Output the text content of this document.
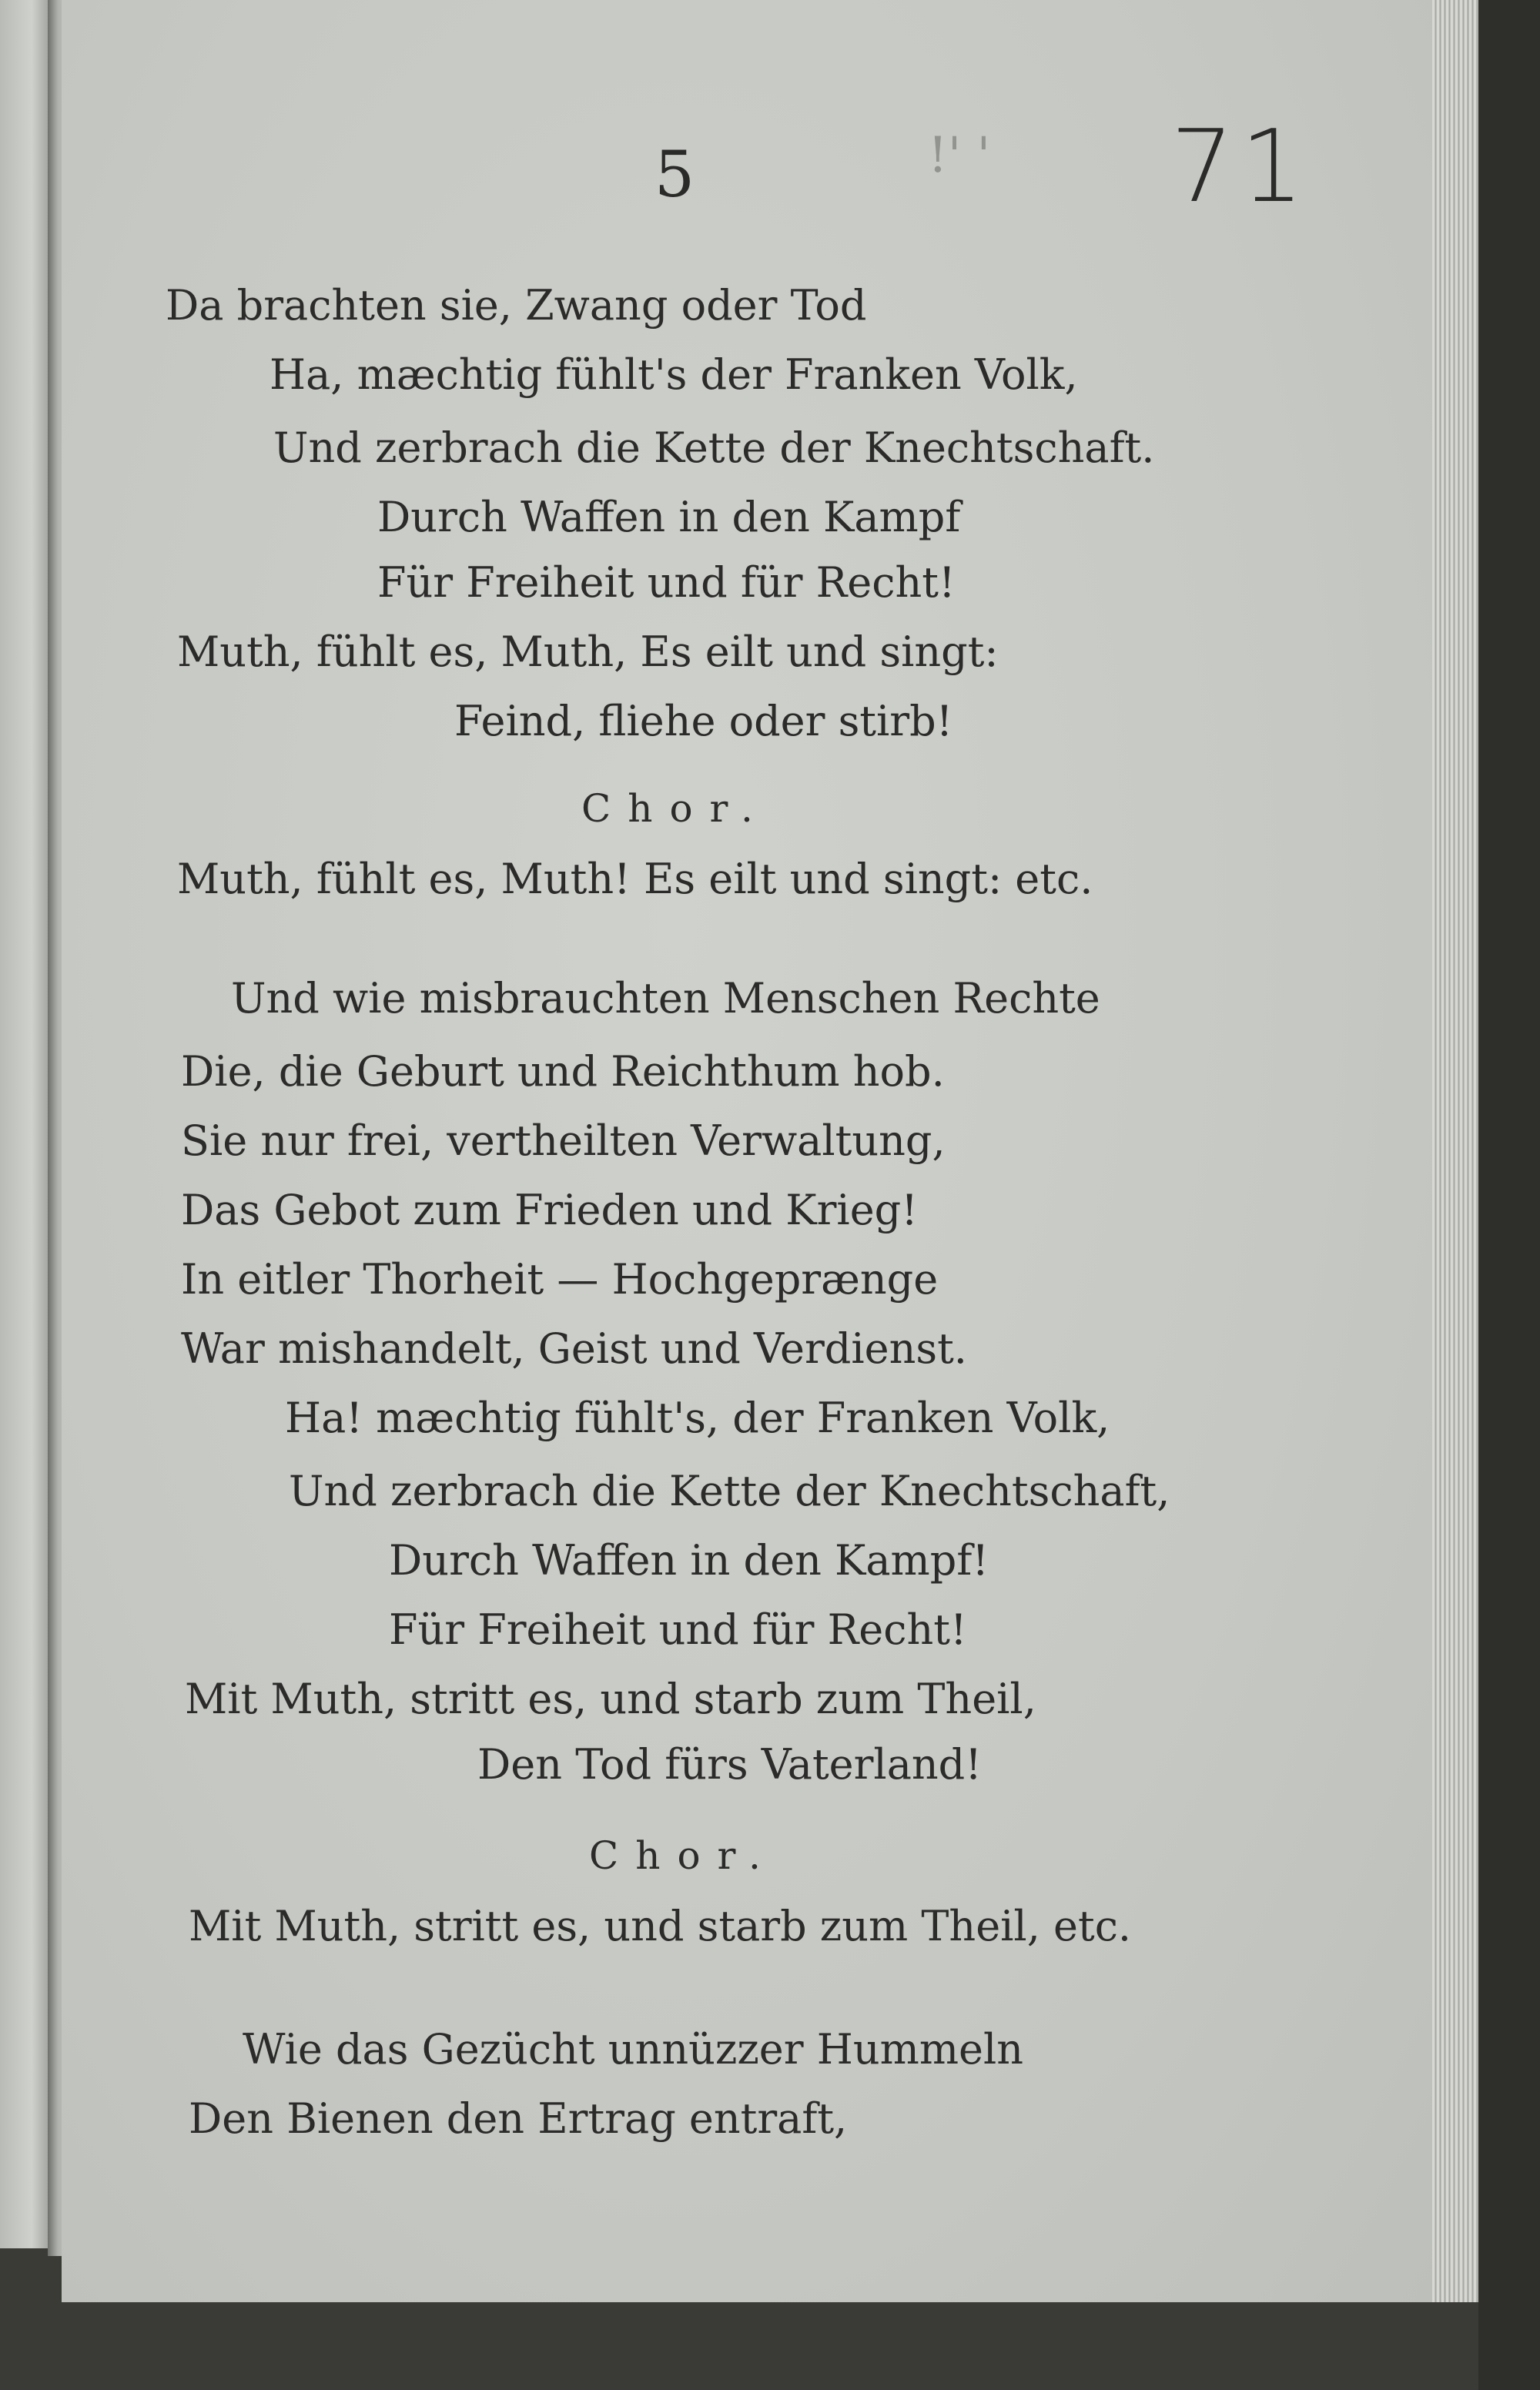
5	!' ' 71
Da brachten sie, Zwang oder Tod
Ha, mæchtig fühlt's der Franken Volk,
Und zerbrach die Kette der Knechtschaft.
Durch Waffen in den Kampf
Für Freiheit und für Recht!
Muth, fühlt es, Muth, Es eilt und singt:
Feind, fliehe oder stirb!
Chor.
Muth, fühlt es, Muth! Es eilt und singt: etc.
Und wie misbrauchten Menschen Rechte
Die, die Geburt und Reichthum hob.
Sie nur frei, vertheilten Verwaltung,
Das Gebot zum Frieden und Krieg!
In eitler Thorheit — Hochgeprænge
War mishandelt, Geist und Verdienst.
Ha! mæchtig fühlt's, der Franken Volk,
Und zerbrach die Kette der Knechtschaft,
Durch Waffen in den Kampf!
Für Freiheit und für Recht!
Mit Muth, stritt es, und starb zum Theil,
Den Tod fürs Vaterland!
Chor.
Mit Muth, stritt es, und starb zum Theil, etc.
Wie das Gezücht unnüzzer Hummeln
Den Bienen den Ertrag entraft,
